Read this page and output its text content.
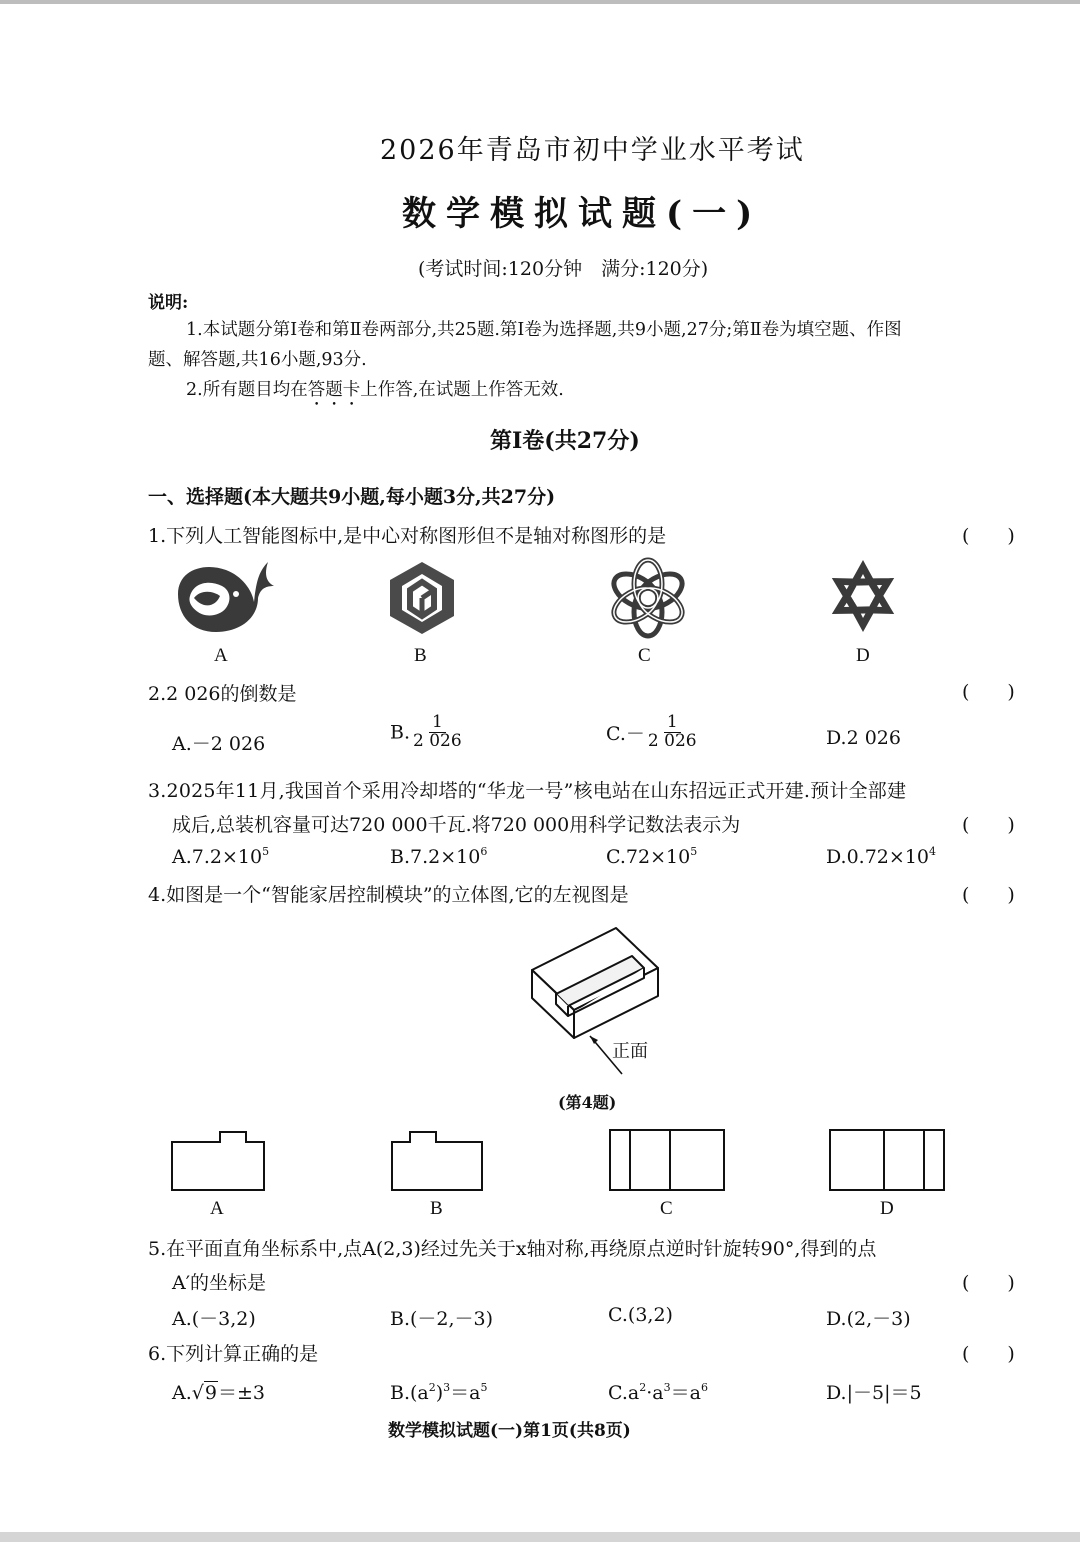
2026年青岛市初中学业水平考试
数学模拟试题(一)
(考试时间:120分钟　满分:120分)
说明:
1.本试题分第Ⅰ卷和第Ⅱ卷两部分,共25题.第Ⅰ卷为选择题,共9小题,27分;第Ⅱ卷为填空题、作图
题、解答题,共16小题,93分.
2.所有题目均在答题卡上作答,在试题上作答无效.
第Ⅰ卷(共27分)
一、选择题(本大题共9小题,每小题3分,共27分)
1.下列人工智能图标中,是中心对称图形但不是轴对称图形的是	(　　)
A	B	C	D
2.2 026的倒数是	(　　)
A.－2 026
B. $\frac{1}{2 026}$	$C.- \frac{1}{2 026}$	D.2 026
3.2025年11月,我国首个采用冷却塔的“华龙一号”核电站在山东招远正式开建.预计全部建
成后,总装机容量可达720 000千瓦.将720 000用科学记数法表示为	(　　)
$A.7.2\times 10^5$	$B.7.2\times 10^6$	$C.72\times 10^5$	$D.0.72\times 10^4$
4.如图是一个“智能家居控制模块”的立体图,它的左视图是	(　　)
正面
(第4题)
A	B	C	D
5.在平面直角坐标系中,点A(2,3)经过先关于x轴对称,再绕原点逆时针旋转90°,得到的点
A′的坐标是	(　　)
A.(－3,2)	B.(－2,－3)	C.(3,2)	D.(2,－3)
6.下列计算正确的是	(　　)
A.√9＝±3	$B.(a^2)^3=a^5$	$C.a^2\cdot a^3=a^6$	D.|－5|＝5
数学模拟试题(一)第1页(共8页)
